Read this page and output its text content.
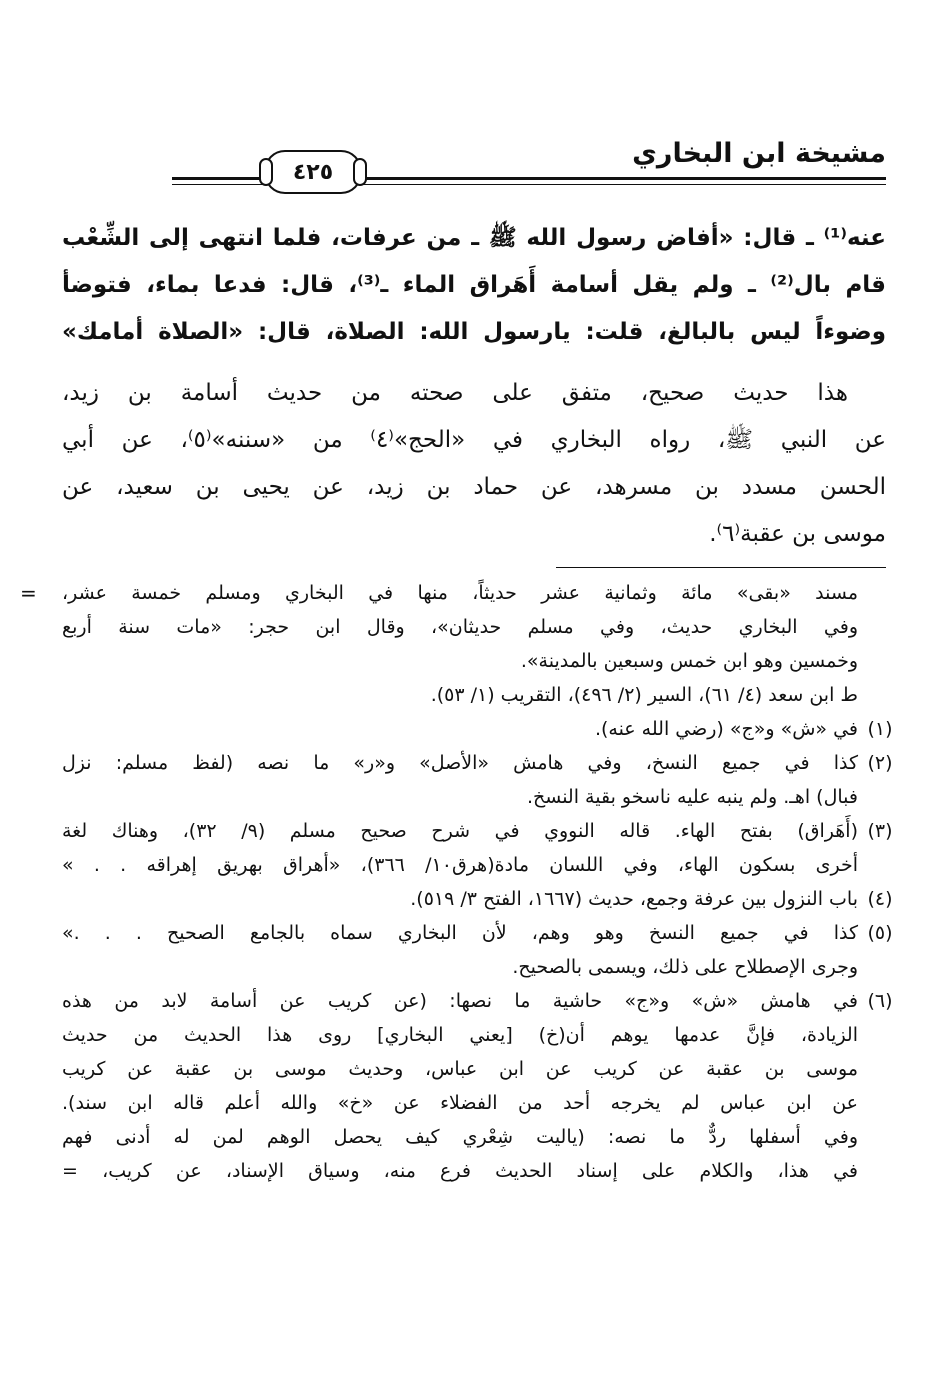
مشيخة ابن البخاري
٤٢٥
عنه⁽¹⁾ ـ قال: «أفاض رسول الله ﷺ ـ من عرفات، فلما انتهى إلى الشِّعْب
قام بال⁽²⁾ ـ ولم يقل أسامة أَهَراق الماء ـ⁽³⁾، قال: فدعا بماء، فتوضأ
وضوءاً ليس بالبالغ، قلت: يارسول الله: الصلاة، قال: «الصلاة أمامك»
هذا حديث صحيح، متفق على صحته من حديث أسامة بن زيد،
عن النبي ﷺ، رواه البخاري في «الحج»⁽٤⁾ من «سننه»⁽٥⁾، عن أبي
الحسن مسدد بن مسرهد، عن حماد بن زيد، عن يحيى بن سعيد، عن
موسى بن عقبة⁽٦⁾.
= مسند «بقى» مائة وثمانية عشر حديثاً، منها في البخاري ومسلم خمسة عشر،
وفي البخاري حديث، وفي مسلم حديثان»، وقال ابن حجر: «مات سنة أربع
وخمسين وهو ابن خمس وسبعين بالمدينة».
ط ابن سعد (٤/ ٦١)، السير (٢/ ٤٩٦)، التقريب (١/ ٥٣).
(١)
في «ش» و«ج» (رضي الله عنه).
(٢)
كذا في جميع النسخ، وفي هامش «الأصل» و«ر» ما نصه (لفظ مسلم: نزل
فبال) اهـ. ولم ينبه عليه ناسخو بقية النسخ.
(٣)
(أَهَراق) بفتح الهاء. قاله النووي في شرح صحيح مسلم (٩/ ٣٢)، وهناك لغة
أخرى بسكون الهاء، وفي اللسان مادة(هرق١٠/ ٣٦٦)، «أهراق بهريق إهراقه . . »
(٤)
باب النزول بين عرفة وجمع، حديث (١٦٦٧، الفتح ٣/ ٥١٩).
(٥)
كذا في جميع النسخ وهو وهم، لأن البخاري سماه بالجامع الصحيح . . .»
وجرى الإصطلاح على ذلك، ويسمى بالصحيح.
(٦)
في هامش «ش» و«ج» حاشية ما نصها: (عن كريب عن أسامة لابد من هذه
الزيادة، فإنَّ عدمها يوهم أن(خ) [يعني البخاري] روى هذا الحديث من حديث
موسى بن عقبة عن كريب عن ابن عباس، وحديث موسى بن عقبة عن كريب
عن ابن عباس لم يخرجه أحد من الفضلاء عن «خ» والله أعلم قاله ابن سند).
وفي أسفلها ردٌّ ما نصه: (ياليت شِعْري كيف يحصل الوهم لمن له أدنى فهم
في هذا، والكلام على إسناد الحديث فرع منه، وسياق الإسناد، عن كريب، =
